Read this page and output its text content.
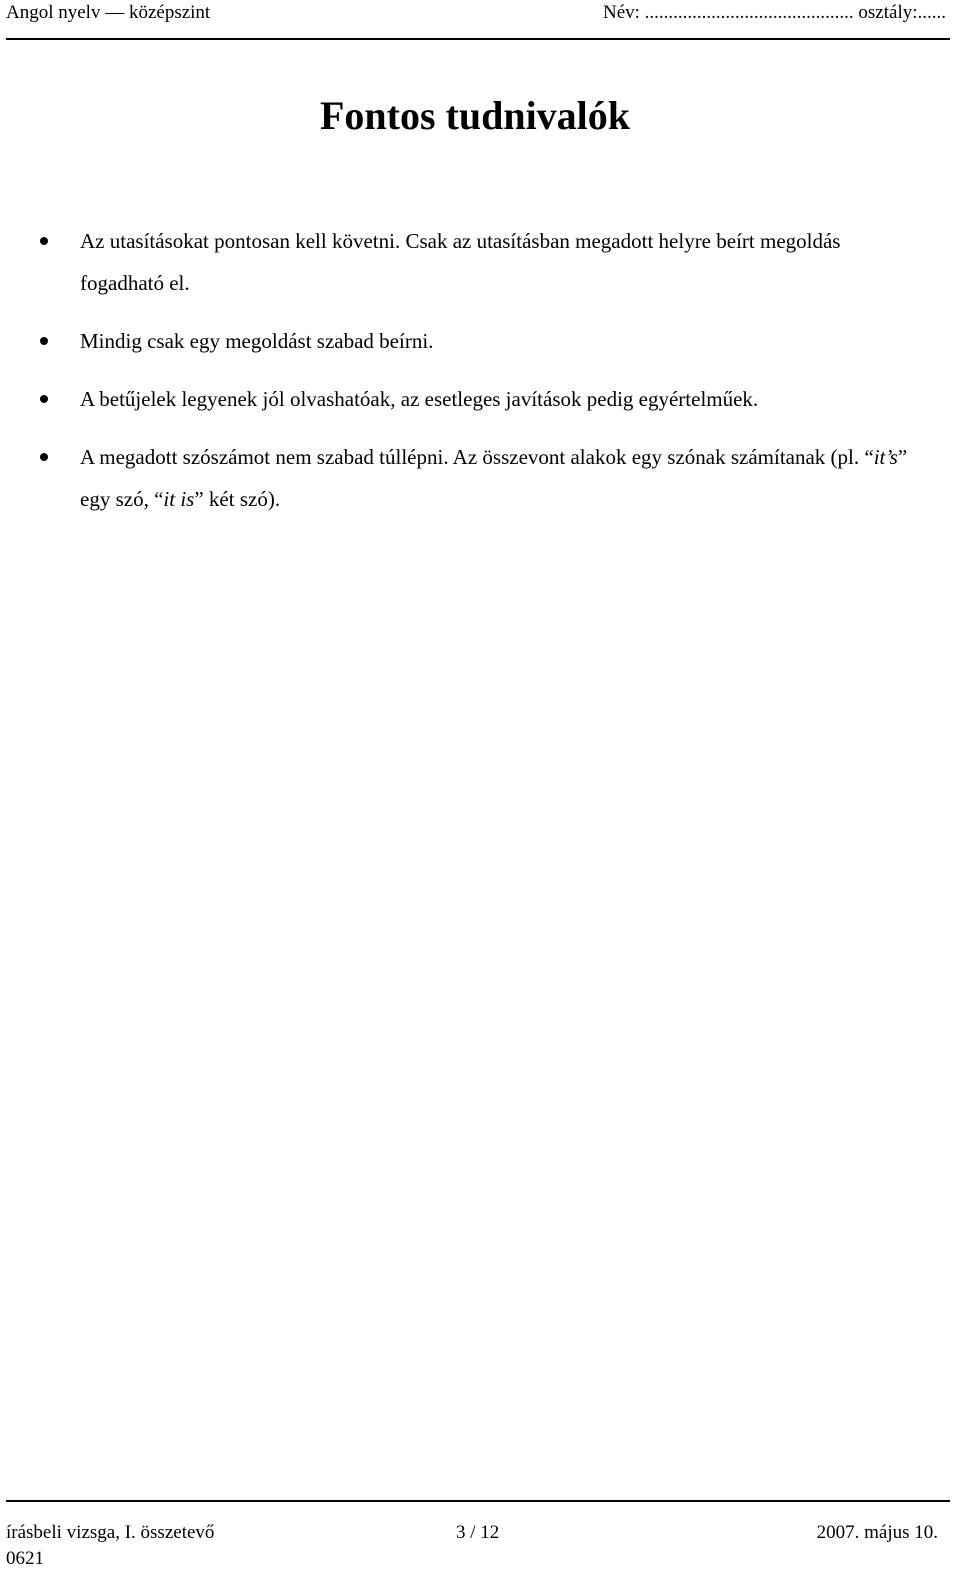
Angol nyelv — középszint	Név: ............................................ osztály:......
Fontos tudnivalók
Az utasításokat pontosan kell követni. Csak az utasításban megadott helyre beírt megoldás fogadható el.
Mindig csak egy megoldást szabad beírni.
A betűjelek legyenek jól olvashatóak, az esetleges javítások pedig egyértelműek.
A megadott szószámot nem szabad túllépni. Az összevont alakok egy szónak számítanak (pl. “it’s” egy szó, “it is” két szó).
írásbeli vizsga, I. összetevő	3 / 12	2007. május 10.
0621
